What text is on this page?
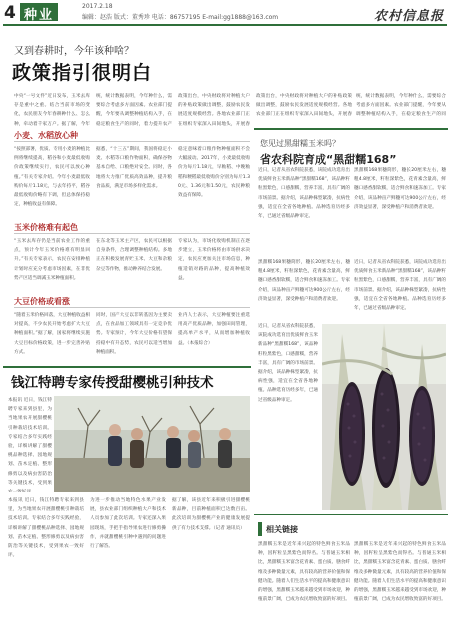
4 种业
2017.2.18
编辑：赵浩 版式：董秀珍 电话：86757195 E-mail:gg1888@163.com	农村信息报
又到春耕时，今年该种啥？
政策指引很明白
中央“一号文件”近日发布，玉米去库存是重中之重。结合当前市场的变化，农民朋友今年春耕种什么、怎么种，牵动着千家万户。据了解，今年
统，统计数据表明，今年种什么，需要综合考虑多方面因素。农业部门提醒，今年要从调整种植结构入手，在稳定粮食生产的同时，着力提升农产
政策出台，中央财政将对种植大户的补贴政策做出调整，鼓励农民发展适度规模经营。各地农业部门正在组织专家深入田间地头，开展春
政策出台，中央财政将对种植大户的补贴政策做出调整，鼓励农民发展适度规模经营。各地农业部门正在组织专家深入田间地头，开展春
统，统计数据表明，今年种什么，需要综合考虑多方面因素。农业部门提醒，今年要从调整种植结构入手，在稳定粮食生产的同
小麦、水稻放心种
“按照部署，优质、专用小麦的种植比例将继续提高，稻谷和小麦最低收购价政策继续实行，农民可以放心种植。”有关专家介绍。今年小麦最低收购价每斤1.18元，与去年持平，稻谷最低收购价略有下调，但总体保持稳定，种植收益有保障。
据悉，“十三五”期间，我国将稳定小麦、水稻等口粮作物面积，确保谷物基本自给、口粮绝对安全。同时，各地将大力推广优质高效品种，提升粮食品质，满足市场多样化需求。
稳定意味着口粮作物种植面积不会大幅波动。2017年，小麦最低收购价为每斤1.18元，早籼稻、中晚籼稻和粳稻最低收购价分别为每斤1.30元、1.36元和1.50元，农民种粮效益有保障。
玉米价格难有起色
“玉米去库存仍是当前农业工作的重点，预计今年玉米价格难有明显回升。”有关专家表示，农民在安排种植计划时应充分考虑市场因素，在非优势产区适当调减玉米种植面积。
在东北等玉米主产区，农民可以根据自身条件，合理调整种植结构。多地正在积极发展青贮玉米、大豆和杂粮杂豆等作物，推动种养结合发展。
专家认为，市场化收购机制正在逐步建立，玉米价格将由市场供求决定，农民应更加关注市场信息，种植适销对路的品种，提高种植效益。
大豆价格或看涨
“随着玉米价格回落，大豆种植收益相对提高，不少农民开始考虑扩大大豆种植面积。”据了解，国家将继续实施大豆目标价格政策，进一步完善补贴方式。
同时，国产大豆以非转基因为主要卖点，在食品加工领域具有一定竞争优势。专家预计，今年大豆价格有望保持稳中有升态势，农民可以适当增加种植面积。
业内人士表示，大豆种植要注重选用高产优质品种，加强田间管理，提高单产水平，从而增加种植收益。（本报综合）
您见过黑甜糯玉米吗？
省农科院育成“黑甜糯168”
近日，记者从省农科院获悉，该院成功选育出优质鲜食玉米新品种“黑甜糯168”，该品种籽粒黑紫色，口感甜糯，营养丰富，具有广阔的市场前景。据介绍，该品种株型紧凑，抗病性强，适宜在全省各地种植。品种选育历经多年，已通过省级品种审定。
黑甜糯168果穗筒形，穗长20厘米左右，穗粗4.8厘米，籽粒深紫色，花青素含量高，鲜穗口感香甜软糯，适合鲜食和速冻加工。专家介绍，该品种亩产鲜穗可达900公斤左右，经济效益显著，深受种植户和消费者欢迎。
黑甜糯168果穗筒形，穗长20厘米左右，穗粗4.8厘米，籽粒深紫色，花青素含量高，鲜穗口感香甜软糯，适合鲜食和速冻加工。专家介绍，该品种亩产鲜穗可达900公斤左右，经济效益显著，深受种植户和消费者欢迎。
近日，记者从省农科院获悉，该院成功选育出优质鲜食玉米新品种“黑甜糯168”，该品种籽粒黑紫色，口感甜糯，营养丰富，具有广阔的市场前景。据介绍，该品种株型紧凑，抗病性强，适宜在全省各地种植。品种选育历经多年，已通过省级品种审定。
近日，记者从省农科院获悉，该院成功选育出优质鲜食玉米新品种“黑甜糯168”，该品种籽粒黑紫色，口感甜糯，营养丰富，具有广阔的市场前景。据介绍，该品种株型紧凑，抗病性强，适宜在全省各地种植。品种选育历经多年，已通过省级品种审定。
钱江特聘专家传授甜樱桃引种技术
本报讯 近日，钱江特聘专家来到县里，为当地果农开展甜樱桃引种栽培技术培训。专家结合多年实践经验，详细讲解了甜樱桃品种选择、园地规划、苗木定植、整形修剪以及病虫害防治等关键技术，受到果
本报讯 近日，钱江特聘专家来到县里，为当地果农开展甜樱桃引种栽培技术培训。专家结合多年实践经验，详细讲解了甜樱桃品种选择、园地规划、苗木定植、整形修剪以及病虫害防治等关键技术，受到果农一致好评。
为进一步推动当地特色水果产业发展，县农业部门组织种植大户和技术人员参加了此次培训。专家还深入果园现场，手把手指导果农进行修剪操作，并就甜樱桃引种中遇到的问题进行了解答。
据了解，该县近年来积极引进甜樱桃新品种，目前种植面积已达数百亩。此次培训为甜樱桃产业的健康发展提供了有力技术支撑。（记者 通讯员）	相关链接
黑甜糯玉米是近年来兴起的特色鲜食玉米品种，因籽粒呈黑紫色而得名。与普通玉米相比，黑甜糯玉米富含花青素、蛋白质、膳食纤维及多种微量元素，具有较高的营养价值和保健功能。随着人们生活水平的提高和健康意识的增强，黑甜糯玉米越来越受到市场欢迎，种植前景广阔，已成为农民增收致富的好项目。
黑甜糯玉米是近年来兴起的特色鲜食玉米品种，因籽粒呈黑紫色而得名。与普通玉米相比，黑甜糯玉米富含花青素、蛋白质、膳食纤维及多种微量元素，具有较高的营养价值和保健功能。随着人们生活水平的提高和健康意识的增强，黑甜糯玉米越来越受到市场欢迎，种植前景广阔，已成为农民增收致富的好项目。
